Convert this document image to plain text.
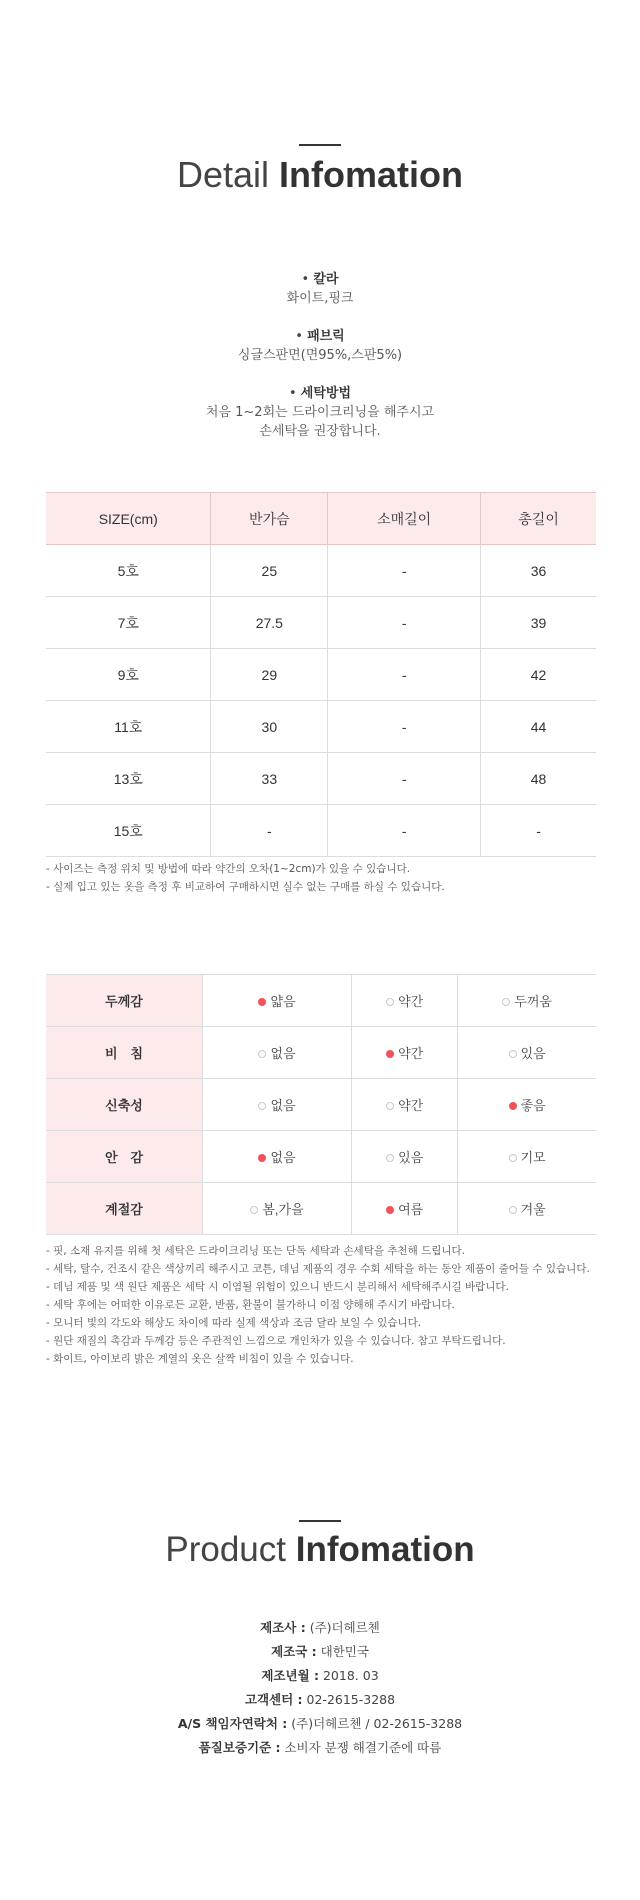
Detail Infomation
• 칼라
화이트,핑크
• 패브릭
싱글스판면(면95%,스판5%)
• 세탁방법
처음 1~2회는 드라이크리닝을 해주시고
손세탁을 권장합니다.
SIZE(cm)	반가슴	소매길이	총길이
5호	25	-	36
7호	27.5	-	39
9호	29	-	42
11호	30	-	44
13호	33	-	48
15호	-	-	-
- 사이즈는 측정 위치 및 방법에 따라 약간의 오차(1~2cm)가 있을 수 있습니다.
- 실제 입고 있는 옷을 측정 후 비교하여 구매하시면 실수 없는 구매를 하실 수 있습니다.
두께감	얇음	약간	두꺼움
비　침	없음	약간	있음
신축성	없음	약간	좋음
안　감	없음	있음	기모
계절감	봄,가을	여름	겨울
- 핏, 소재 유지를 위해 첫 세탁은 드라이크리닝 또는 단독 세탁과 손세탁을 추천해 드립니다.
- 세탁, 탈수, 건조시 같은 색상끼리 해주시고 코튼, 데님 제품의 경우 수회 세탁을 하는 동안 제품이 줄어들 수 있습니다.
- 데님 제품 및 색 원단 제품은 세탁 시 이염될 위험이 있으니 반드시 분리해서 세탁해주시길 바랍니다.
- 세탁 후에는 어떠한 이유로든 교환, 반품, 환불이 불가하니 이점 양해해 주시기 바랍니다.
- 모니터 빛의 각도와 해상도 차이에 따라 실제 색상과 조금 달라 보일 수 있습니다.
- 원단 재질의 촉감과 두께감 등은 주관적인 느낌으로 개인차가 있을 수 있습니다. 참고 부탁드립니다.
- 화이트, 아이보리 밝은 계열의 옷은 살짝 비침이 있을 수 있습니다.
Product Infomation
제조사 : (주)더헤르첸
제조국 : 대한민국
제조년월 : 2018. 03
고객센터 : 02-2615-3288
A/S 책임자연락처 : (주)더헤르첸 / 02-2615-3288
품질보증기준 : 소비자 분쟁 해결기준에 따름
